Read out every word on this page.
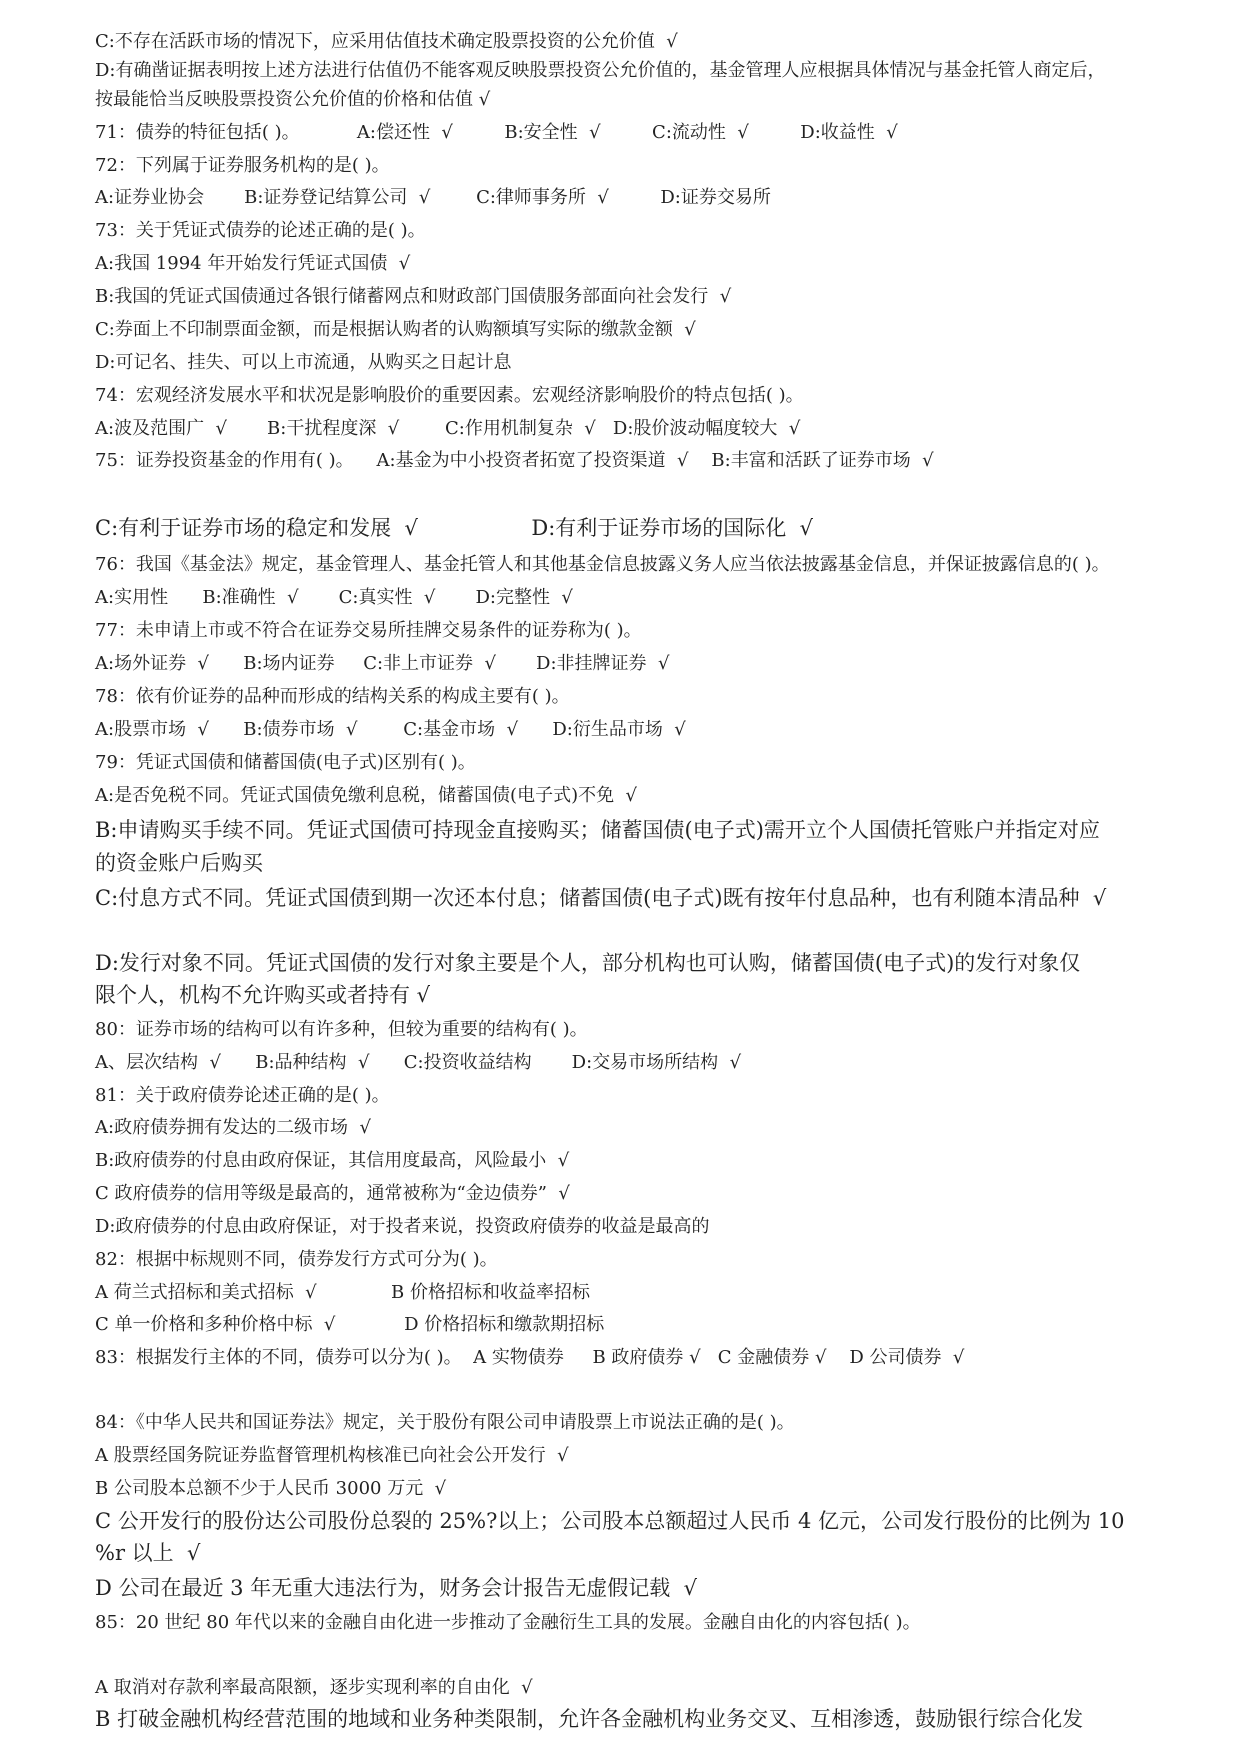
C:不存在活跃市场的情况下，应采用估值技术确定股票投资的公允价值  √
D:有确凿证据表明按上述方法进行估值仍不能客观反映股票投资公允价值的，基金管理人应根据具体情况与基金托管人商定后，
按最能恰当反映股票投资公允价值的价格和估值 √
71：债券的特征包括( )。          A:偿还性  √         B:安全性  √         C:流动性  √         D:收益性  √
72：下列属于证券服务机构的是( )。
A:证券业协会       B:证券登记结算公司  √        C:律师事务所  √         D:证券交易所
73：关于凭证式债券的论述正确的是( )。
A:我国 1994 年开始发行凭证式国债  √
B:我国的凭证式国债通过各银行储蓄网点和财政部门国债服务部面向社会发行  √
C:券面上不印制票面金额，而是根据认购者的认购额填写实际的缴款金额  √
D:可记名、挂失、可以上市流通，从购买之日起计息
74：宏观经济发展水平和状况是影响股价的重要因素。宏观经济影响股价的特点包括( )。
A:波及范围广  √       B:干扰程度深  √        C:作用机制复杂  √   D:股价波动幅度较大  √
75：证券投资基金的作用有( )。    A:基金为中小投资者拓宽了投资渠道  √    B:丰富和活跃了证券市场  √
C:有利于证券市场的稳定和发展  √                 D:有利于证券市场的国际化  √
76：我国《基金法》规定，基金管理人、基金托管人和其他基金信息披露义务人应当依法披露基金信息，并保证披露信息的( )。
A:实用性      B:准确性  √       C:真实性  √       D:完整性  √
77：未申请上市或不符合在证券交易所挂牌交易条件的证券称为( )。
A:场外证券  √      B:场内证券     C:非上市证券  √       D:非挂牌证券  √
78：依有价证券的品种而形成的结构关系的构成主要有( )。
A:股票市场  √      B:债券市场  √        C:基金市场  √      D:衍生品市场  √
79：凭证式国债和储蓄国债(电子式)区别有( )。
A:是否免税不同。凭证式国债免缴利息税，储蓄国债(电子式)不免  √
B:申请购买手续不同。凭证式国债可持现金直接购买；储蓄国债(电子式)需开立个人国债托管账户并指定对应
的资金账户后购买
C:付息方式不同。凭证式国债到期一次还本付息；储蓄国债(电子式)既有按年付息品种，也有利随本清品种  √
D:发行对象不同。凭证式国债的发行对象主要是个人，部分机构也可认购，储蓄国债(电子式)的发行对象仅
限个人，机构不允许购买或者持有 √
80：证券市场的结构可以有许多种，但较为重要的结构有( )。
A、层次结构  √      B:品种结构  √      C:投资收益结构       D:交易市场所结构  √
81：关于政府债券论述正确的是( )。
A:政府债券拥有发达的二级市场  √
B:政府债券的付息由政府保证，其信用度最高，风险最小  √
C 政府债券的信用等级是最高的，通常被称为“金边债券”  √
D:政府债券的付息由政府保证，对于投者来说，投资政府债券的收益是最高的
82：根据中标规则不同，债券发行方式可分为( )。
A 荷兰式招标和美式招标  √             B 价格招标和收益率招标
C 单一价格和多种价格中标  √            D 价格招标和缴款期招标
83：根据发行主体的不同，债券可以分为( )。  A 实物债券     B 政府债券 √   C 金融债券 √    D 公司债券  √
84：《中华人民共和国证券法》规定，关于股份有限公司申请股票上市说法正确的是( )。
A 股票经国务院证券监督管理机构核准已向社会公开发行  √
B 公司股本总额不少于人民币 3000 万元  √
C 公开发行的股份达公司股份总裂的 25%?以上；公司股本总额超过人民币 4 亿元，公司发行股份的比例为 10
%r 以上  √
D 公司在最近 3 年无重大违法行为，财务会计报告无虚假记载  √
85：20 世纪 80 年代以来的金融自由化进一步推动了金融衍生工具的发展。金融自由化的内容包括( )。
A 取消对存款利率最高限额，逐步实现利率的自由化  √
B 打破金融机构经营范围的地域和业务种类限制，允许各金融机构业务交叉、互相渗透，鼓励银行综合化发
